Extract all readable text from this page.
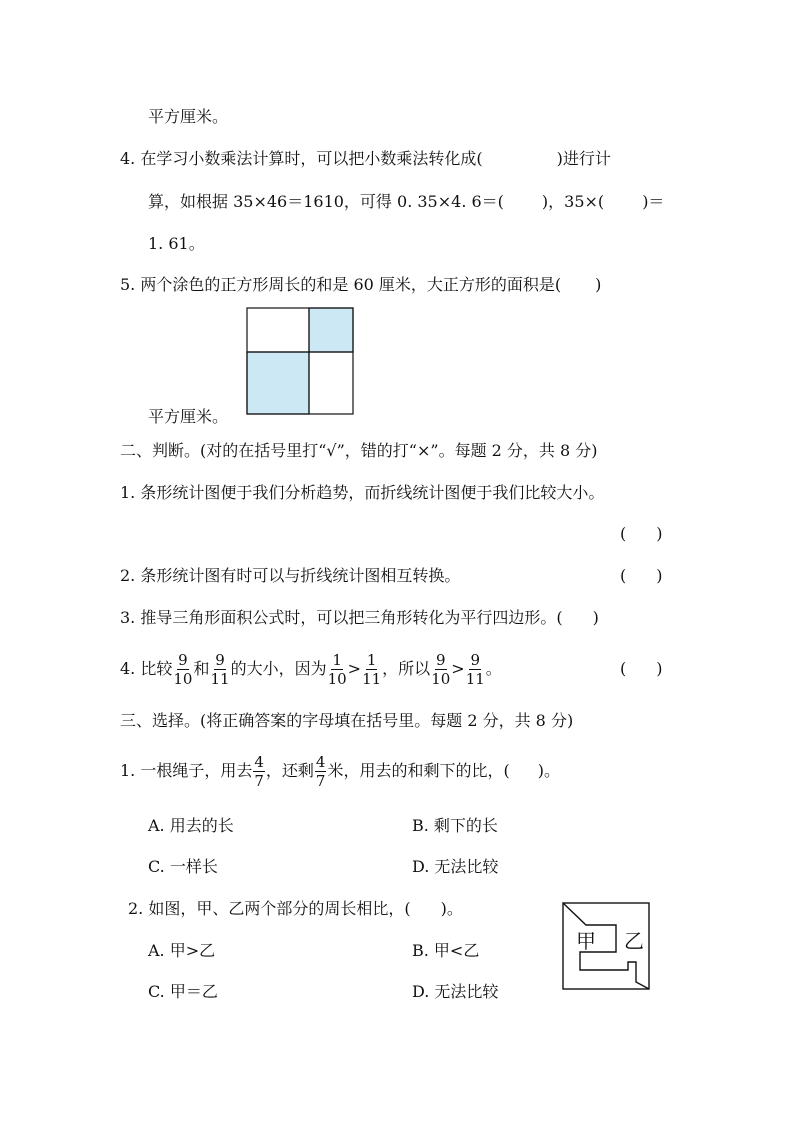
平方厘米。
4. 在学习小数乘法计算时，可以把小数乘法转化成(	)进行计
算，如根据 35×46＝1610，可得 0. 35×4. 6＝( )，35×( )＝
1. 61。
5. 两个涂色的正方形周长的和是 60 厘米，大正方形的面积是( )
平方厘米。
二、判断。(对的在括号里打“√”，错的打“×”。每题 2 分，共 8 分)
1. 条形统计图便于我们分析趋势，而折线统计图便于我们比较大小。
( )
2. 条形统计图有时可以与折线统计图相互转换。	( )
3. 推导三角形面积公式时，可以把三角形转化为平行四边形。( )
4. 比较 $\frac{9}{10}$ 和 $\frac{9}{11}$ 的大小，因为 $\frac{1}{10} > \frac{1}{11}$ ，所以 $\frac{9}{10} > \frac{9}{11}$ 。	( )
三、选择。(将正确答案的字母填在括号里。每题 2 分，共 8 分)
1. 一根绳子，用去 $\frac{4}{7}$ ，还剩 $\frac{4}{7}$ 米，用去的和剩下的比，( )。
A. 用去的长	B. 剩下的长
C. 一样长	D. 无法比较
2. 如图，甲、乙两个部分的周长相比，( )。
A. 甲>乙	B. 甲<乙
C. 甲＝乙	D. 无法比较
甲 乙
